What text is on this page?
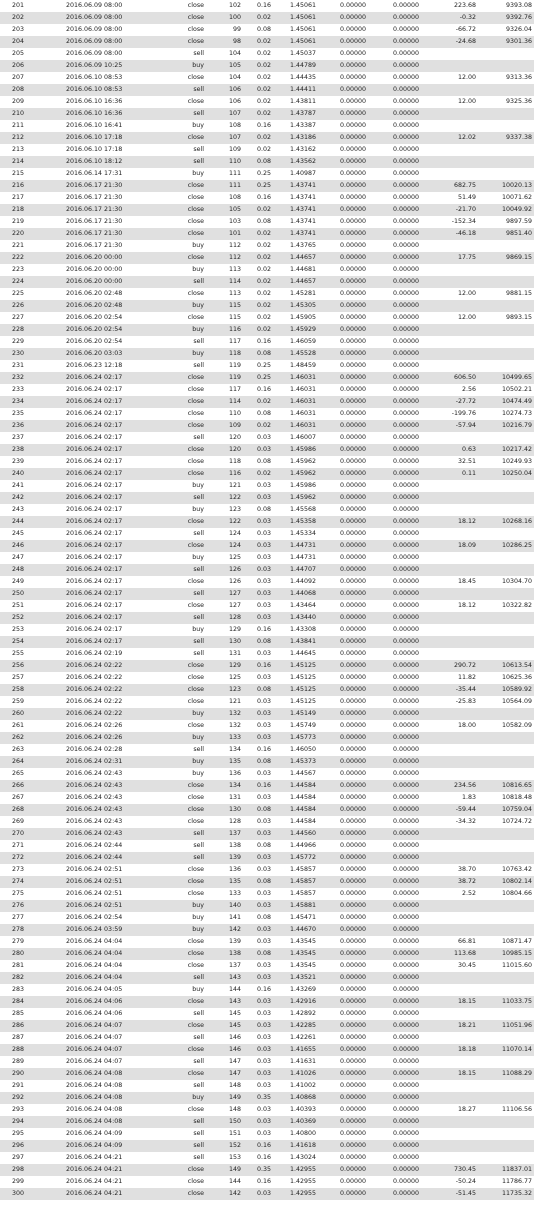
201	2016.06.09 08:00	close	102	0.16	1.45061	0.00000	0.00000	223.68	9393.08
202	2016.06.09 08:00	close	100	0.02	1.45061	0.00000	0.00000	-0.32	9392.76
203	2016.06.09 08:00	close	99	0.08	1.45061	0.00000	0.00000	-66.72	9326.04
204	2016.06.09 08:00	close	98	0.02	1.45061	0.00000	0.00000	-24.68	9301.36
205	2016.06.09 08:00	sell	104	0.02	1.45037	0.00000	0.00000		
206	2016.06.09 10:25	buy	105	0.02	1.44789	0.00000	0.00000		
207	2016.06.10 08:53	close	104	0.02	1.44435	0.00000	0.00000	12.00	9313.36
208	2016.06.10 08:53	sell	106	0.02	1.44411	0.00000	0.00000		
209	2016.06.10 16:36	close	106	0.02	1.43811	0.00000	0.00000	12.00	9325.36
210	2016.06.10 16:36	sell	107	0.02	1.43787	0.00000	0.00000		
211	2016.06.10 16:41	buy	108	0.16	1.43387	0.00000	0.00000		
212	2016.06.10 17:18	close	107	0.02	1.43186	0.00000	0.00000	12.02	9337.38
213	2016.06.10 17:18	sell	109	0.02	1.43162	0.00000	0.00000		
214	2016.06.10 18:12	sell	110	0.08	1.43562	0.00000	0.00000		
215	2016.06.14 17:31	buy	111	0.25	1.40987	0.00000	0.00000		
216	2016.06.17 21:30	close	111	0.25	1.43741	0.00000	0.00000	682.75	10020.13
217	2016.06.17 21:30	close	108	0.16	1.43741	0.00000	0.00000	51.49	10071.62
218	2016.06.17 21:30	close	105	0.02	1.43741	0.00000	0.00000	-21.70	10049.92
219	2016.06.17 21:30	close	103	0.08	1.43741	0.00000	0.00000	-152.34	9897.59
220	2016.06.17 21:30	close	101	0.02	1.43741	0.00000	0.00000	-46.18	9851.40
221	2016.06.17 21:30	buy	112	0.02	1.43765	0.00000	0.00000		
222	2016.06.20 00:00	close	112	0.02	1.44657	0.00000	0.00000	17.75	9869.15
223	2016.06.20 00:00	buy	113	0.02	1.44681	0.00000	0.00000		
224	2016.06.20 00:00	sell	114	0.02	1.44657	0.00000	0.00000		
225	2016.06.20 02:48	close	113	0.02	1.45281	0.00000	0.00000	12.00	9881.15
226	2016.06.20 02:48	buy	115	0.02	1.45305	0.00000	0.00000		
227	2016.06.20 02:54	close	115	0.02	1.45905	0.00000	0.00000	12.00	9893.15
228	2016.06.20 02:54	buy	116	0.02	1.45929	0.00000	0.00000		
229	2016.06.20 02:54	sell	117	0.16	1.46059	0.00000	0.00000		
230	2016.06.20 03:03	buy	118	0.08	1.45528	0.00000	0.00000		
231	2016.06.23 12:18	sell	119	0.25	1.48459	0.00000	0.00000		
232	2016.06.24 02:17	close	119	0.25	1.46031	0.00000	0.00000	606.50	10499.65
233	2016.06.24 02:17	close	117	0.16	1.46031	0.00000	0.00000	2.56	10502.21
234	2016.06.24 02:17	close	114	0.02	1.46031	0.00000	0.00000	-27.72	10474.49
235	2016.06.24 02:17	close	110	0.08	1.46031	0.00000	0.00000	-199.76	10274.73
236	2016.06.24 02:17	close	109	0.02	1.46031	0.00000	0.00000	-57.94	10216.79
237	2016.06.24 02:17	sell	120	0.03	1.46007	0.00000	0.00000		
238	2016.06.24 02:17	close	120	0.03	1.45986	0.00000	0.00000	0.63	10217.42
239	2016.06.24 02:17	close	118	0.08	1.45962	0.00000	0.00000	32.51	10249.93
240	2016.06.24 02:17	close	116	0.02	1.45962	0.00000	0.00000	0.11	10250.04
241	2016.06.24 02:17	buy	121	0.03	1.45986	0.00000	0.00000		
242	2016.06.24 02:17	sell	122	0.03	1.45962	0.00000	0.00000		
243	2016.06.24 02:17	buy	123	0.08	1.45568	0.00000	0.00000		
244	2016.06.24 02:17	close	122	0.03	1.45358	0.00000	0.00000	18.12	10268.16
245	2016.06.24 02:17	sell	124	0.03	1.45334	0.00000	0.00000		
246	2016.06.24 02:17	close	124	0.03	1.44731	0.00000	0.00000	18.09	10286.25
247	2016.06.24 02:17	buy	125	0.03	1.44731	0.00000	0.00000		
248	2016.06.24 02:17	sell	126	0.03	1.44707	0.00000	0.00000		
249	2016.06.24 02:17	close	126	0.03	1.44092	0.00000	0.00000	18.45	10304.70
250	2016.06.24 02:17	sell	127	0.03	1.44068	0.00000	0.00000		
251	2016.06.24 02:17	close	127	0.03	1.43464	0.00000	0.00000	18.12	10322.82
252	2016.06.24 02:17	sell	128	0.03	1.43440	0.00000	0.00000		
253	2016.06.24 02:17	buy	129	0.16	1.43308	0.00000	0.00000		
254	2016.06.24 02:17	sell	130	0.08	1.43841	0.00000	0.00000		
255	2016.06.24 02:19	sell	131	0.03	1.44645	0.00000	0.00000		
256	2016.06.24 02:22	close	129	0.16	1.45125	0.00000	0.00000	290.72	10613.54
257	2016.06.24 02:22	close	125	0.03	1.45125	0.00000	0.00000	11.82	10625.36
258	2016.06.24 02:22	close	123	0.08	1.45125	0.00000	0.00000	-35.44	10589.92
259	2016.06.24 02:22	close	121	0.03	1.45125	0.00000	0.00000	-25.83	10564.09
260	2016.06.24 02:22	buy	132	0.03	1.45149	0.00000	0.00000		
261	2016.06.24 02:26	close	132	0.03	1.45749	0.00000	0.00000	18.00	10582.09
262	2016.06.24 02:26	buy	133	0.03	1.45773	0.00000	0.00000		
263	2016.06.24 02:28	sell	134	0.16	1.46050	0.00000	0.00000		
264	2016.06.24 02:31	buy	135	0.08	1.45373	0.00000	0.00000		
265	2016.06.24 02:43	buy	136	0.03	1.44567	0.00000	0.00000		
266	2016.06.24 02:43	close	134	0.16	1.44584	0.00000	0.00000	234.56	10816.65
267	2016.06.24 02:43	close	131	0.03	1.44584	0.00000	0.00000	1.83	10818.48
268	2016.06.24 02:43	close	130	0.08	1.44584	0.00000	0.00000	-59.44	10759.04
269	2016.06.24 02:43	close	128	0.03	1.44584	0.00000	0.00000	-34.32	10724.72
270	2016.06.24 02:43	sell	137	0.03	1.44560	0.00000	0.00000		
271	2016.06.24 02:44	sell	138	0.08	1.44966	0.00000	0.00000		
272	2016.06.24 02:44	sell	139	0.03	1.45772	0.00000	0.00000		
273	2016.06.24 02:51	close	136	0.03	1.45857	0.00000	0.00000	38.70	10763.42
274	2016.06.24 02:51	close	135	0.08	1.45857	0.00000	0.00000	38.72	10802.14
275	2016.06.24 02:51	close	133	0.03	1.45857	0.00000	0.00000	2.52	10804.66
276	2016.06.24 02:51	buy	140	0.03	1.45881	0.00000	0.00000		
277	2016.06.24 02:54	buy	141	0.08	1.45471	0.00000	0.00000		
278	2016.06.24 03:59	buy	142	0.03	1.44670	0.00000	0.00000		
279	2016.06.24 04:04	close	139	0.03	1.43545	0.00000	0.00000	66.81	10871.47
280	2016.06.24 04:04	close	138	0.08	1.43545	0.00000	0.00000	113.68	10985.15
281	2016.06.24 04:04	close	137	0.03	1.43545	0.00000	0.00000	30.45	11015.60
282	2016.06.24 04:04	sell	143	0.03	1.43521	0.00000	0.00000		
283	2016.06.24 04:05	buy	144	0.16	1.43269	0.00000	0.00000		
284	2016.06.24 04:06	close	143	0.03	1.42916	0.00000	0.00000	18.15	11033.75
285	2016.06.24 04:06	sell	145	0.03	1.42892	0.00000	0.00000		
286	2016.06.24 04:07	close	145	0.03	1.42285	0.00000	0.00000	18.21	11051.96
287	2016.06.24 04:07	sell	146	0.03	1.42261	0.00000	0.00000		
288	2016.06.24 04:07	close	146	0.03	1.41655	0.00000	0.00000	18.18	11070.14
289	2016.06.24 04:07	sell	147	0.03	1.41631	0.00000	0.00000		
290	2016.06.24 04:08	close	147	0.03	1.41026	0.00000	0.00000	18.15	11088.29
291	2016.06.24 04:08	sell	148	0.03	1.41002	0.00000	0.00000		
292	2016.06.24 04:08	buy	149	0.35	1.40868	0.00000	0.00000		
293	2016.06.24 04:08	close	148	0.03	1.40393	0.00000	0.00000	18.27	11106.56
294	2016.06.24 04:08	sell	150	0.03	1.40369	0.00000	0.00000		
295	2016.06.24 04:09	sell	151	0.03	1.40800	0.00000	0.00000		
296	2016.06.24 04:09	sell	152	0.16	1.41618	0.00000	0.00000		
297	2016.06.24 04:21	sell	153	0.16	1.43024	0.00000	0.00000		
298	2016.06.24 04:21	close	149	0.35	1.42955	0.00000	0.00000	730.45	11837.01
299	2016.06.24 04:21	close	144	0.16	1.42955	0.00000	0.00000	-50.24	11786.77
300	2016.06.24 04:21	close	142	0.03	1.42955	0.00000	0.00000	-51.45	11735.32
